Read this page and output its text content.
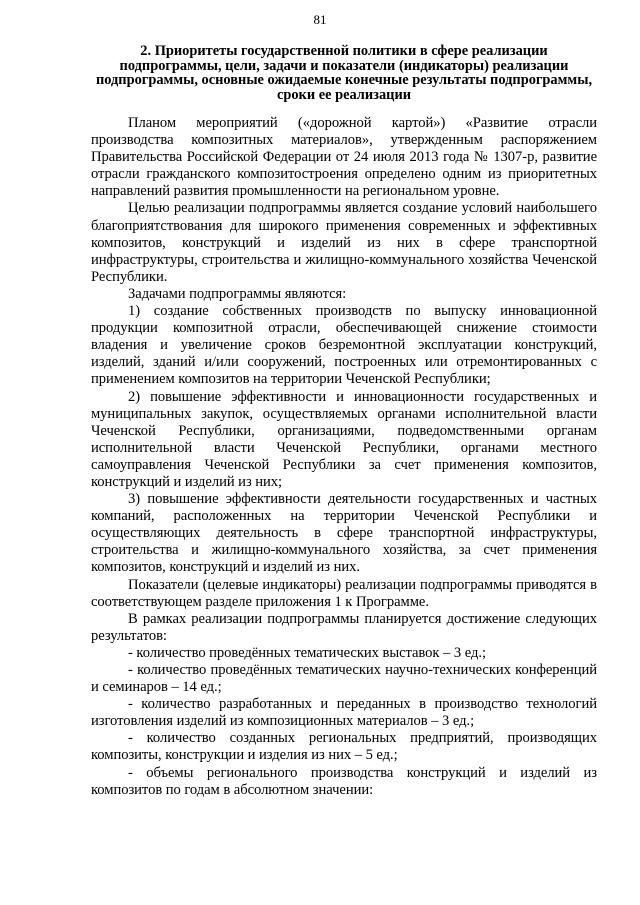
81
2. Приоритеты государственной политики в сфере реализации подпрограммы, цели, задачи и показатели (индикаторы) реализации подпрограммы, основные ожидаемые конечные результаты подпрограммы, сроки ее реализации

Планом мероприятий («дорожной картой») «Развитие отрасли производства композитных материалов», утвержденным распоряжением Правительства Российской Федерации от 24 июля 2013 года № 1307-р, развитие отрасли гражданского композитостроения определено одним из приоритетных направлений развития промышленности на региональном уровне.

Целью реализации подпрограммы является создание условий наибольшего благоприятствования для широкого применения современных и эффективных композитов, конструкций и изделий из них в сфере транспортной инфраструктуры, строительства и жилищно-коммунального хозяйства Чеченской Республики.

Задачами подпрограммы являются:

1) создание собственных производств по выпуску инновационной продукции композитной отрасли, обеспечивающей снижение стоимости владения и увеличение сроков безремонтной эксплуатации конструкций, изделий, зданий и/или сооружений, построенных или отремонтированных с применением композитов на территории Чеченской Республики;

2) повышение эффективности и инновационности государственных и муниципальных закупок, осуществляемых органами исполнительной власти Чеченской Республики, организациями, подведомственными органам исполнительной власти Чеченской Республики, органами местного самоуправления Чеченской Республики за счет применения композитов, конструкций и изделий из них;

3) повышение эффективности деятельности государственных и частных компаний, расположенных на территории Чеченской Республики и осуществляющих деятельность в сфере транспортной инфраструктуры, строительства и жилищно-коммунального хозяйства, за счет применения композитов, конструкций и изделий из них.

Показатели (целевые индикаторы) реализации подпрограммы приводятся в соответствующем разделе приложения 1 к Программе.

В рамках реализации подпрограммы планируется достижение следующих результатов:

- количество проведённых тематических выставок – 3 ед.;

- количество проведённых тематических научно-технических конференций и семинаров – 14 ед.;

- количество разработанных и переданных в производство технологий изготовления изделий из композиционных материалов – 3 ед.;

- количество созданных региональных предприятий, производящих композиты, конструкции и изделия из них – 5 ед.;

- объемы регионального производства конструкций и изделий из композитов по годам в абсолютном значении:
